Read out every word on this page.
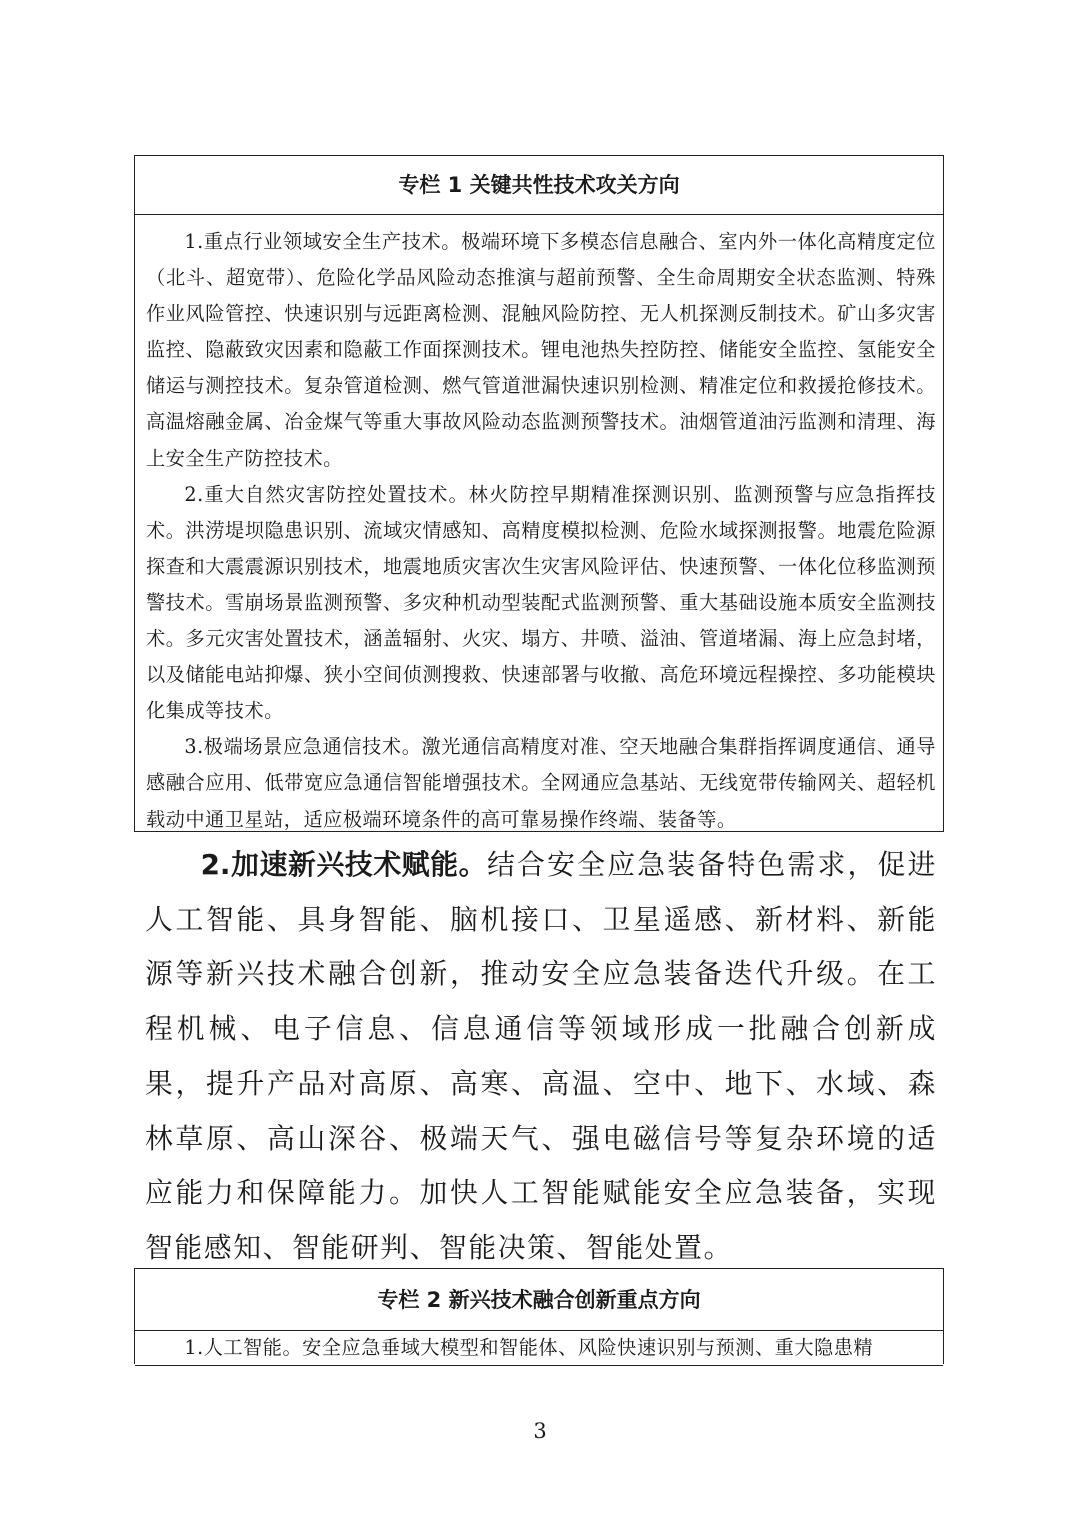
专栏 1 关键共性技术攻关方向

1.重点行业领域安全生产技术。极端环境下多模态信息融合、室内外一体化高精度定位（北斗、超宽带）、危险化学品风险动态推演与超前预警、全生命周期安全状态监测、特殊作业风险管控、快速识别与远距离检测、混触风险防控、无人机探测反制技术。矿山多灾害监控、隐蔽致灾因素和隐蔽工作面探测技术。锂电池热失控防控、储能安全监控、氢能安全储运与测控技术。复杂管道检测、燃气管道泄漏快速识别检测、精准定位和救援抢修技术。高温熔融金属、冶金煤气等重大事故风险动态监测预警技术。油烟管道油污监测和清理、海上安全生产防控技术。

2.重大自然灾害防控处置技术。林火防控早期精准探测识别、监测预警与应急指挥技术。洪涝堤坝隐患识别、流域灾情感知、高精度模拟检测、危险水域探测报警。地震危险源探查和大震震源识别技术，地震地质灾害次生灾害风险评估、快速预警、一体化位移监测预警技术。雪崩场景监测预警、多灾种机动型装配式监测预警、重大基础设施本质安全监测技术。多元灾害处置技术，涵盖辐射、火灾、塌方、井喷、溢油、管道堵漏、海上应急封堵，以及储能电站抑爆、狭小空间侦测搜救、快速部署与收撤、高危环境远程操控、多功能模块化集成等技术。

3.极端场景应急通信技术。激光通信高精度对准、空天地融合集群指挥调度通信、通导感融合应用、低带宽应急通信智能增强技术。全网通应急基站、无线宽带传输网关、超轻机载动中通卫星站，适应极端环境条件的高可靠易操作终端、装备等。

2.加速新兴技术赋能。结合安全应急装备特色需求，促进人工智能、具身智能、脑机接口、卫星遥感、新材料、新能源等新兴技术融合创新，推动安全应急装备迭代升级。在工程机械、电子信息、信息通信等领域形成一批融合创新成果，提升产品对高原、高寒、高温、空中、地下、水域、森林草原、高山深谷、极端天气、强电磁信号等复杂环境的适应能力和保障能力。加快人工智能赋能安全应急装备，实现智能感知、智能研判、智能决策、智能处置。

专栏 2 新兴技术融合创新重点方向

1.人工智能。安全应急垂域大模型和智能体、风险快速识别与预测、重大隐患精

3
